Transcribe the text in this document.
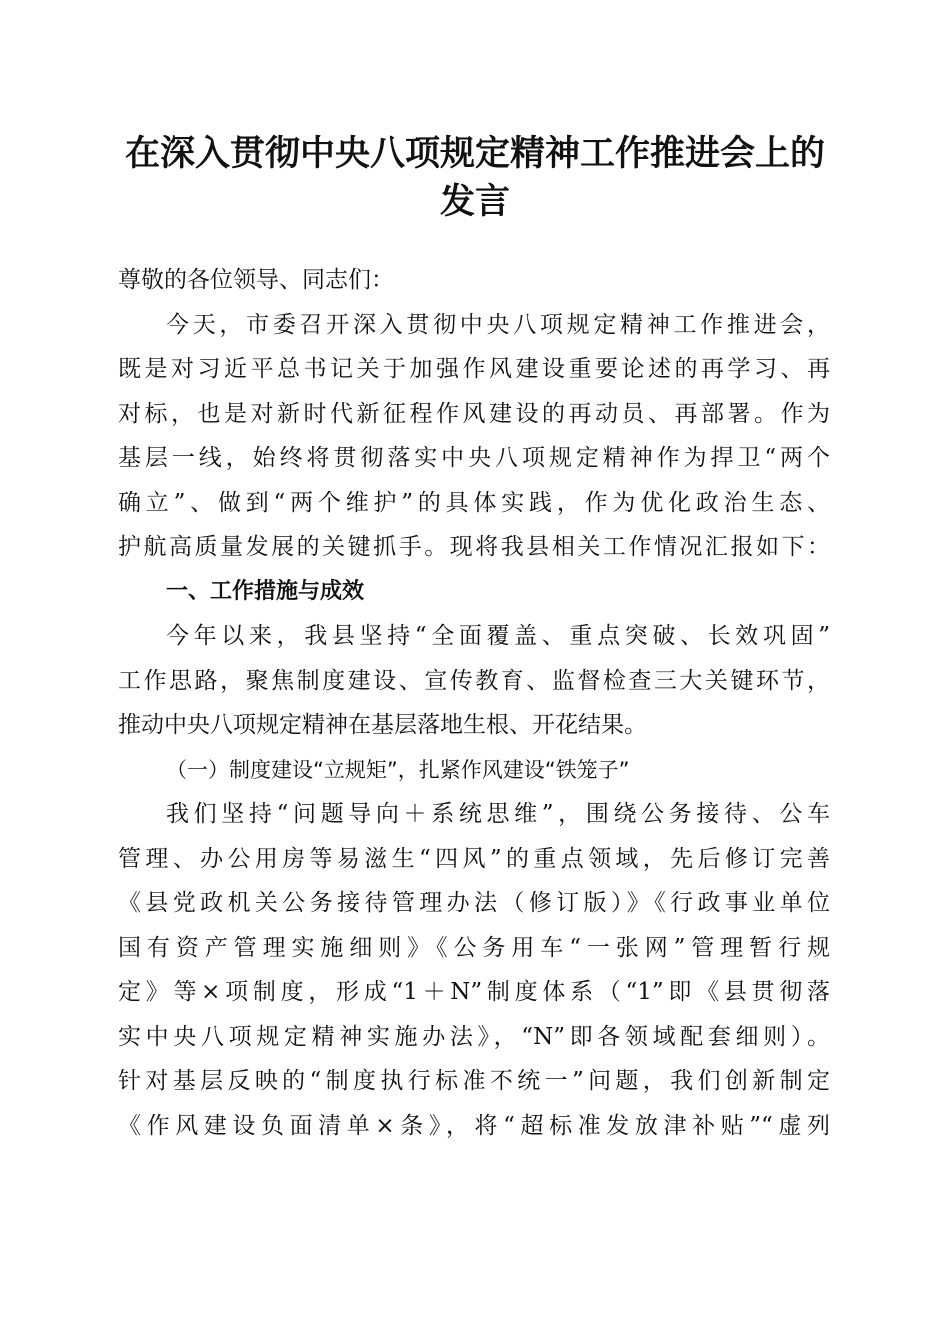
在深入贯彻中央八项规定精神工作推进会上的
发言
尊敬的各位领导、同志们：
今天，市委召开深入贯彻中央八项规定精神工作推进会，
既是对习近平总书记关于加强作风建设重要论述的再学习、再
对标，也是对新时代新征程作风建设的再动员、再部署。作为
基层一线，始终将贯彻落实中央八项规定精神作为捍卫“两个
确立”、做到“两个维护”的具体实践，作为优化政治生态、
护航高质量发展的关键抓手。现将我县相关工作情况汇报如下：
一、工作措施与成效
今年以来，我县坚持“全面覆盖、重点突破、长效巩固”
工作思路，聚焦制度建设、宣传教育、监督检查三大关键环节，
推动中央八项规定精神在基层落地生根、开花结果。
（一）制度建设“立规矩”，扎紧作风建设“铁笼子”
我们坚持“问题导向＋系统思维”，围绕公务接待、公车
管理、办公用房等易滋生“四风”的重点领域，先后修订完善
《县党政机关公务接待管理办法（修订版）》《行政事业单位
国有资产管理实施细则》《公务用车“一张网”管理暂行规
定》等×项制度，形成“1＋N”制度体系（“1”即《县贯彻落
实中央八项规定精神实施办法》，“N”即各领域配套细则）。
针对基层反映的“制度执行标准不统一”问题，我们创新制定
《作风建设负面清单×条》，将“超标准发放津补贴”“虚列
